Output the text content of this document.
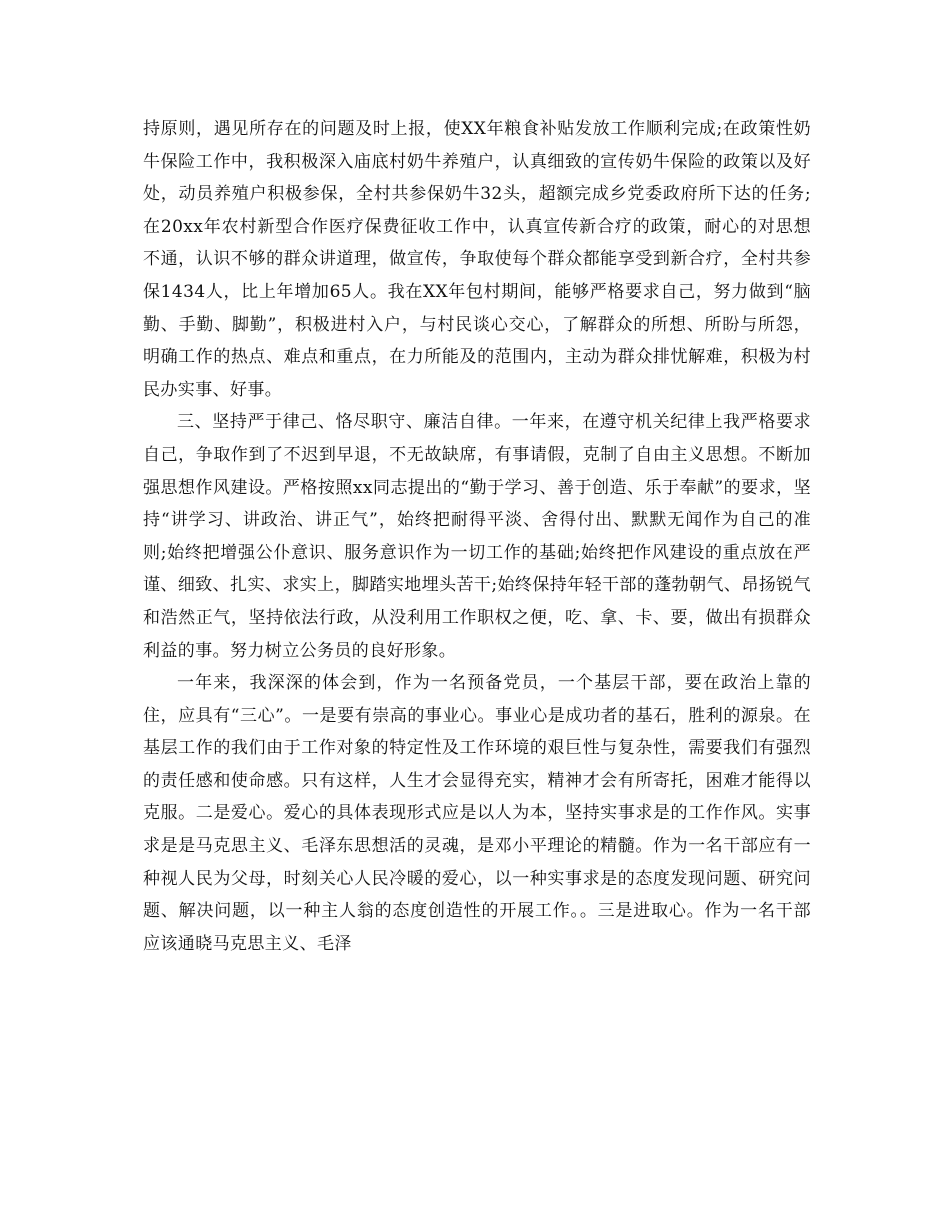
持原则，遇见所存在的问题及时上报，使XX年粮食补贴发放工作顺利完成;在政策性奶牛保险工作中，我积极深入庙底村奶牛养殖户，认真细致的宣传奶牛保险的政策以及好处，动员养殖户积极参保，全村共参保奶牛32头，超额完成乡党委政府所下达的任务;在20xx年农村新型合作医疗保费征收工作中，认真宣传新合疗的政策，耐心的对思想不通，认识不够的群众讲道理，做宣传，争取使每个群众都能享受到新合疗，全村共参保1434人，比上年增加65人。我在XX年包村期间，能够严格要求自己，努力做到“脑勤、手勤、脚勤”，积极进村入户，与村民谈心交心，了解群众的所想、所盼与所怨，明确工作的热点、难点和重点，在力所能及的范围内，主动为群众排忧解难，积极为村民办实事、好事。

三、坚持严于律己、恪尽职守、廉洁自律。一年来，在遵守机关纪律上我严格要求自己，争取作到了不迟到早退，不无故缺席，有事请假，克制了自由主义思想。不断加强思想作风建设。严格按照xx同志提出的“勤于学习、善于创造、乐于奉献”的要求，坚持“讲学习、讲政治、讲正气”，始终把耐得平淡、舍得付出、默默无闻作为自己的准则;始终把增强公仆意识、服务意识作为一切工作的基础;始终把作风建设的重点放在严谨、细致、扎实、求实上，脚踏实地埋头苦干;始终保持年轻干部的蓬勃朝气、昂扬锐气和浩然正气，坚持依法行政，从没利用工作职权之便，吃、拿、卡、要，做出有损群众利益的事。努力树立公务员的良好形象。

一年来，我深深的体会到，作为一名预备党员，一个基层干部，要在政治上靠的住，应具有“三心”。一是要有崇高的事业心。事业心是成功者的基石，胜利的源泉。在基层工作的我们由于工作对象的特定性及工作环境的艰巨性与复杂性，需要我们有强烈的责任感和使命感。只有这样，人生才会显得充实，精神才会有所寄托，困难才能得以克服。二是爱心。爱心的具体表现形式应是以人为本，坚持实事求是的工作作风。实事求是是马克思主义、毛泽东思想活的灵魂，是邓小平理论的精髓。作为一名干部应有一种视人民为父母，时刻关心人民冷暖的爱心，以一种实事求是的态度发现问题、研究问题、解决问题，以一种主人翁的态度创造性的开展工作。。三是进取心。作为一名干部应该通晓马克思主义、毛泽
